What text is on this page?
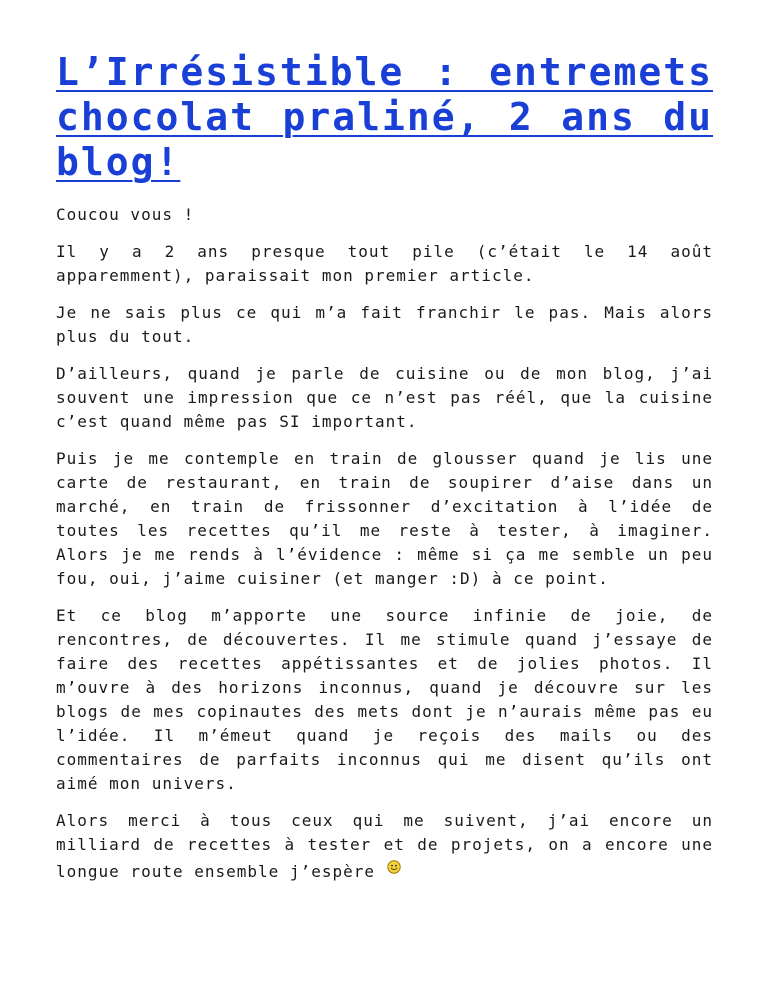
L’Irrésistible : entremets chocolat praliné, 2 ans du blog!

Coucou vous !

Il y a 2 ans presque tout pile (c’était le 14 août apparemment), paraissait mon premier article.

Je ne sais plus ce qui m’a fait franchir le pas. Mais alors plus du tout.

D’ailleurs, quand je parle de cuisine ou de mon blog, j’ai souvent une impression que ce n’est pas réél, que la cuisine c’est quand même pas SI important.

Puis je me contemple en train de glousser quand je lis une carte de restaurant, en train de soupirer d’aise dans un marché, en train de frissonner d’excitation à l’idée de toutes les recettes qu’il me reste à tester, à imaginer. Alors je me rends à l’évidence : même si ça me semble un peu fou, oui, j’aime cuisiner (et manger :D) à ce point.

Et ce blog m’apporte une source infinie de joie, de rencontres, de découvertes. Il me stimule quand j’essaye de faire des recettes appétissantes et de jolies photos. Il m’ouvre à des horizons inconnus, quand je découvre sur les blogs de mes copinautes des mets dont je n’aurais même pas eu l’idée. Il m’émeut quand je reçois des mails ou des commentaires de parfaits inconnus qui me disent qu’ils ont aimé mon univers.

Alors merci à tous ceux qui me suivent, j’ai encore un milliard de recettes à tester et de projets, on a encore une longue route ensemble j’espère
